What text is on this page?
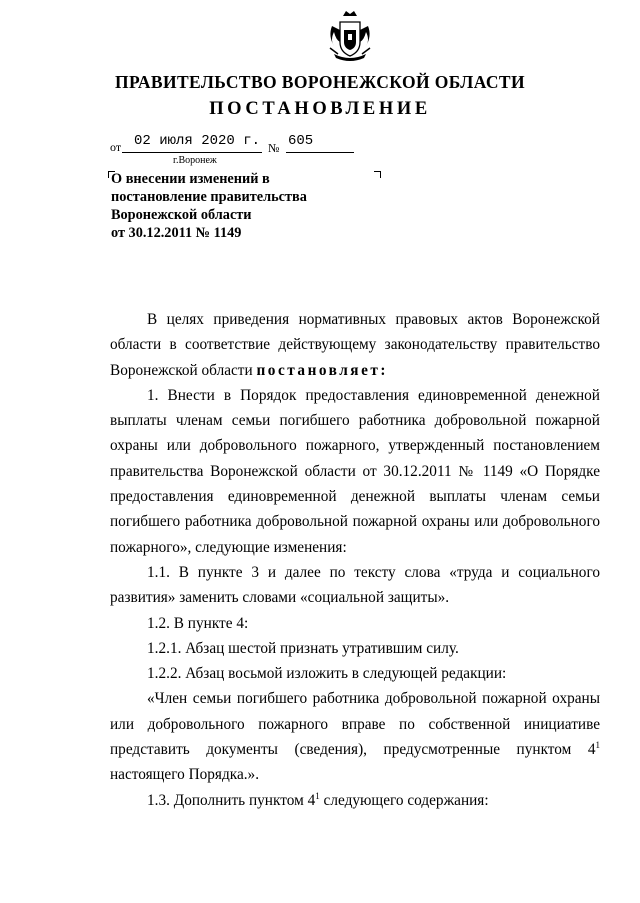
ПРАВИТЕЛЬСТВО ВОРОНЕЖСКОЙ ОБЛАСТИ
ПОСТАНОВЛЕНИЕ
от 02 июля 2020 г. № 605
г.Воронеж
О внесении изменений в
постановление правительства
Воронежской области
от 30.12.2011 № 1149
В целях приведения нормативных правовых актов Воронежской
области в соответствие действующему законодательству правительство
Воронежской области постановляет:
1. Внести в Порядок предоставления единовременной денежной
выплаты членам семьи погибшего работника добровольной пожарной
охраны или добровольного пожарного, утвержденный постановлением
правительства Воронежской области от 30.12.2011 № 1149 «О Порядке
предоставления единовременной денежной выплаты членам семьи
погибшего работника добровольной пожарной охраны или добровольного
пожарного», следующие изменения:
1.1. В пункте 3 и далее по тексту слова «труда и социального
развития» заменить словами «социальной защиты».
1.2. В пункте 4:
1.2.1. Абзац шестой признать утратившим силу.
1.2.2. Абзац восьмой изложить в следующей редакции:
«Член семьи погибшего работника добровольной пожарной охраны
или добровольного пожарного вправе по собственной инициативе
представить документы (сведения), предусмотренные пунктом $4^1$
настоящего Порядка.».
1.3. Дополнить пунктом $4^1$ следующего содержания:
